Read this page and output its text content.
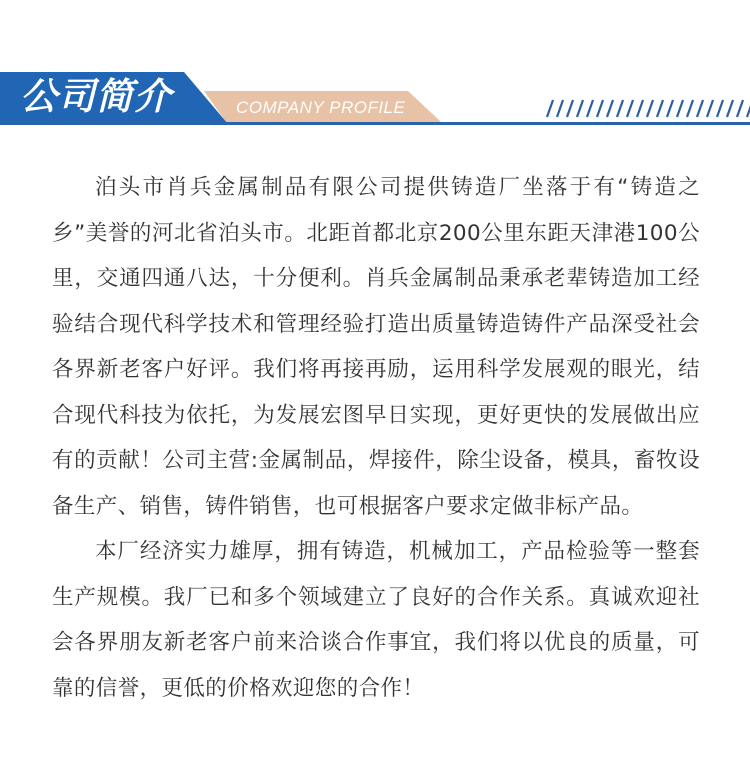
公司简介	COMPANY PROFILE

泊头市肖兵金属制品有限公司提供铸造厂坐落于有“铸造之乡”美誉的河北省泊头市。北距首都北京200公里东距天津港100公里，交通四通八达，十分便利。肖兵金属制品秉承老辈铸造加工经验结合现代科学技术和管理经验打造出质量铸造铸件产品深受社会各界新老客户好评。我们将再接再励，运用科学发展观的眼光，结合现代科技为依托，为发展宏图早日实现，更好更快的发展做出应有的贡献！公司主营:金属制品，焊接件，除尘设备，模具，畜牧设备生产、销售，铸件销售，也可根据客户要求定做非标产品。

本厂经济实力雄厚，拥有铸造，机械加工，产品检验等一整套生产规模。我厂已和多个领域建立了良好的合作关系。真诚欢迎社会各界朋友新老客户前来洽谈合作事宜，我们将以优良的质量，可靠的信誉，更低的价格欢迎您的合作！
